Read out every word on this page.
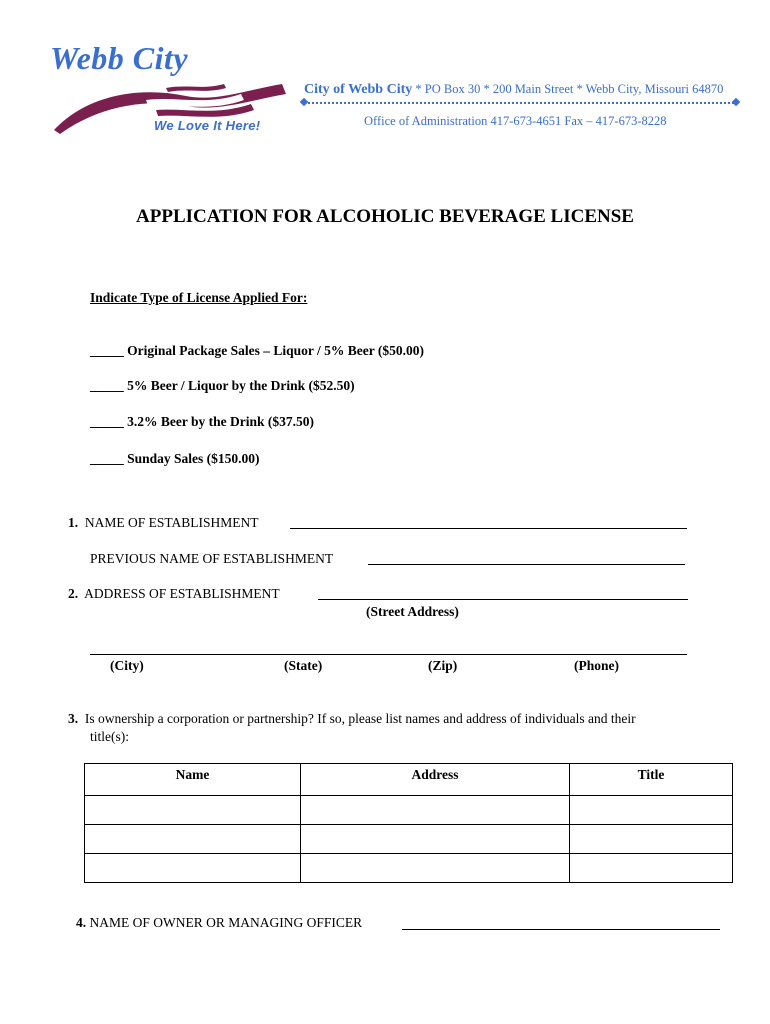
Webb City
We Love It Here!
City of Webb City * PO Box 30 * 200 Main Street * Webb City, Missouri 64870
Office of Administration 417-673-4651 Fax – 417-673-8228
APPLICATION FOR ALCOHOLIC BEVERAGE LICENSE
Indicate Type of License Applied For:
_____ Original Package Sales – Liquor / 5% Beer ($50.00)
_____ 5% Beer / Liquor by the Drink ($52.50)
_____ 3.2% Beer by the Drink ($37.50)
_____ Sunday Sales ($150.00)
1. NAME OF ESTABLISHMENT
PREVIOUS NAME OF ESTABLISHMENT
2. ADDRESS OF ESTABLISHMENT
(Street Address)
(City)	(State)	(Zip)	(Phone)
3.  Is ownership a corporation or partnership? If so, please list names and address of individuals and their
title(s):
Name	Address	Title

4. NAME OF OWNER OR MANAGING OFFICER
